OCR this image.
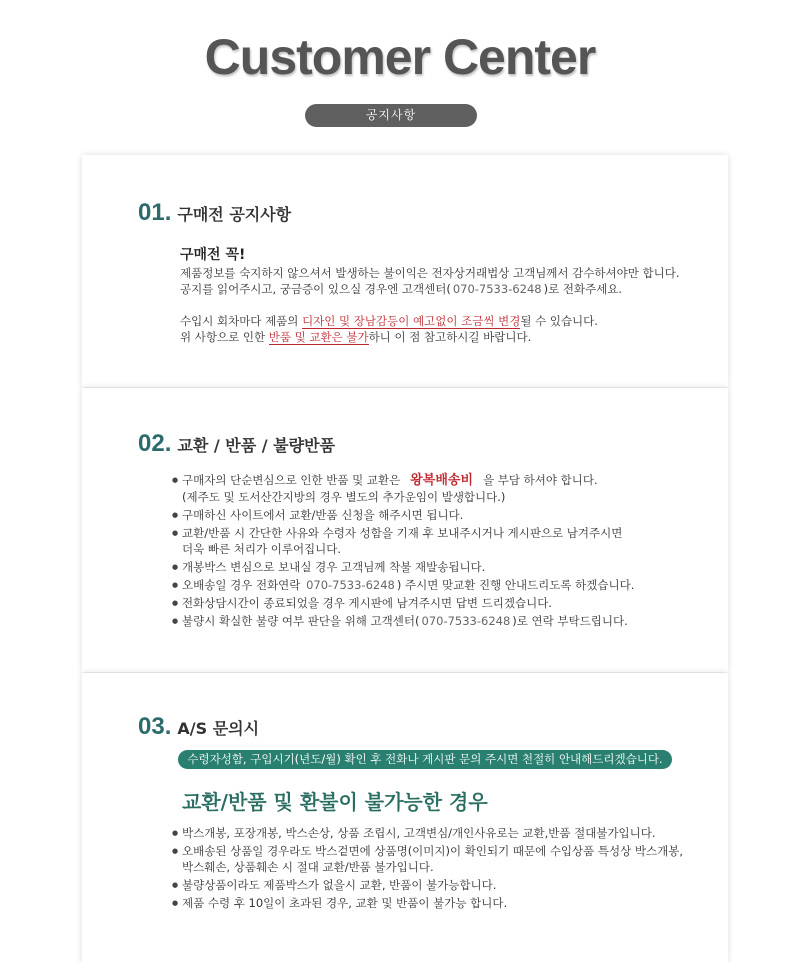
Customer Center
공지사항
01. 구매전 공지사항
구매전 꼭!
제품정보를 숙지하지 않으셔서 발생하는 불이익은 전자상거래법상 고객님께서 감수하셔야만 합니다.
공지를 읽어주시고, 궁금증이 있으실 경우엔 고객센터( 070-7533-6248 )로 전화주세요.
수입시 회차마다 제품의 디자인 및 장남감등이 예고없이 조금씩 변경될 수 있습니다.
위 사항으로 인한 반품 및 교환은 불가하니 이 점 참고하시길 바랍니다.
02. 교환 / 반품 / 불량반품
● 구매자의 단순변심으로 인한 반품 및 교환은 왕복배송비 을 부담 하셔야 합니다.
(제주도 및 도서산간지방의 경우 별도의 추가운임이 발생합니다.)
● 구매하신 사이트에서 교환/반품 신청을 해주시면 됩니다.
● 교환/반품 시 간단한 사유와 수령자 성함을 기재 후 보내주시거나 게시판으로 남겨주시면
더욱 빠른 처리가 이루어집니다.
● 개봉박스 변심으로 보내실 경우 고객님께 착불 재발송됩니다.
● 오배송일 경우 전화연락 070-7533-6248 ) 주시면 맞교환 진행 안내드리도록 하겠습니다.
● 전화상담시간이 종료되었을 경우 게시판에 남겨주시면 답변 드리겠습니다.
● 불량시 확실한 불량 여부 판단을 위해 고객센터( 070-7533-6248 )로 연락 부탁드립니다.
03. A/S 문의시
수령자성함, 구입시기(년도/월) 확인 후 전화나 게시판 문의 주시면 천절히 안내해드리겠습니다.
교환/반품 및 환불이 불가능한 경우
● 박스개봉, 포장개봉, 박스손상, 상품 조립시, 고객변심/개인사유로는 교환,반품 절대불가입니다.
● 오배송된 상품일 경우라도 박스겉면에 상품명(이미지)이 확인되기 때문에 수입상품 특성상 박스개봉,
박스훼손, 상품훼손 시 절대 교환/반품 불가입니다.
● 불량상품이라도 제품박스가 없을시 교환, 반품이 불가능합니다.
● 제품 수령 후 10일이 초과된 경우, 교환 및 반품이 불가능 합니다.
